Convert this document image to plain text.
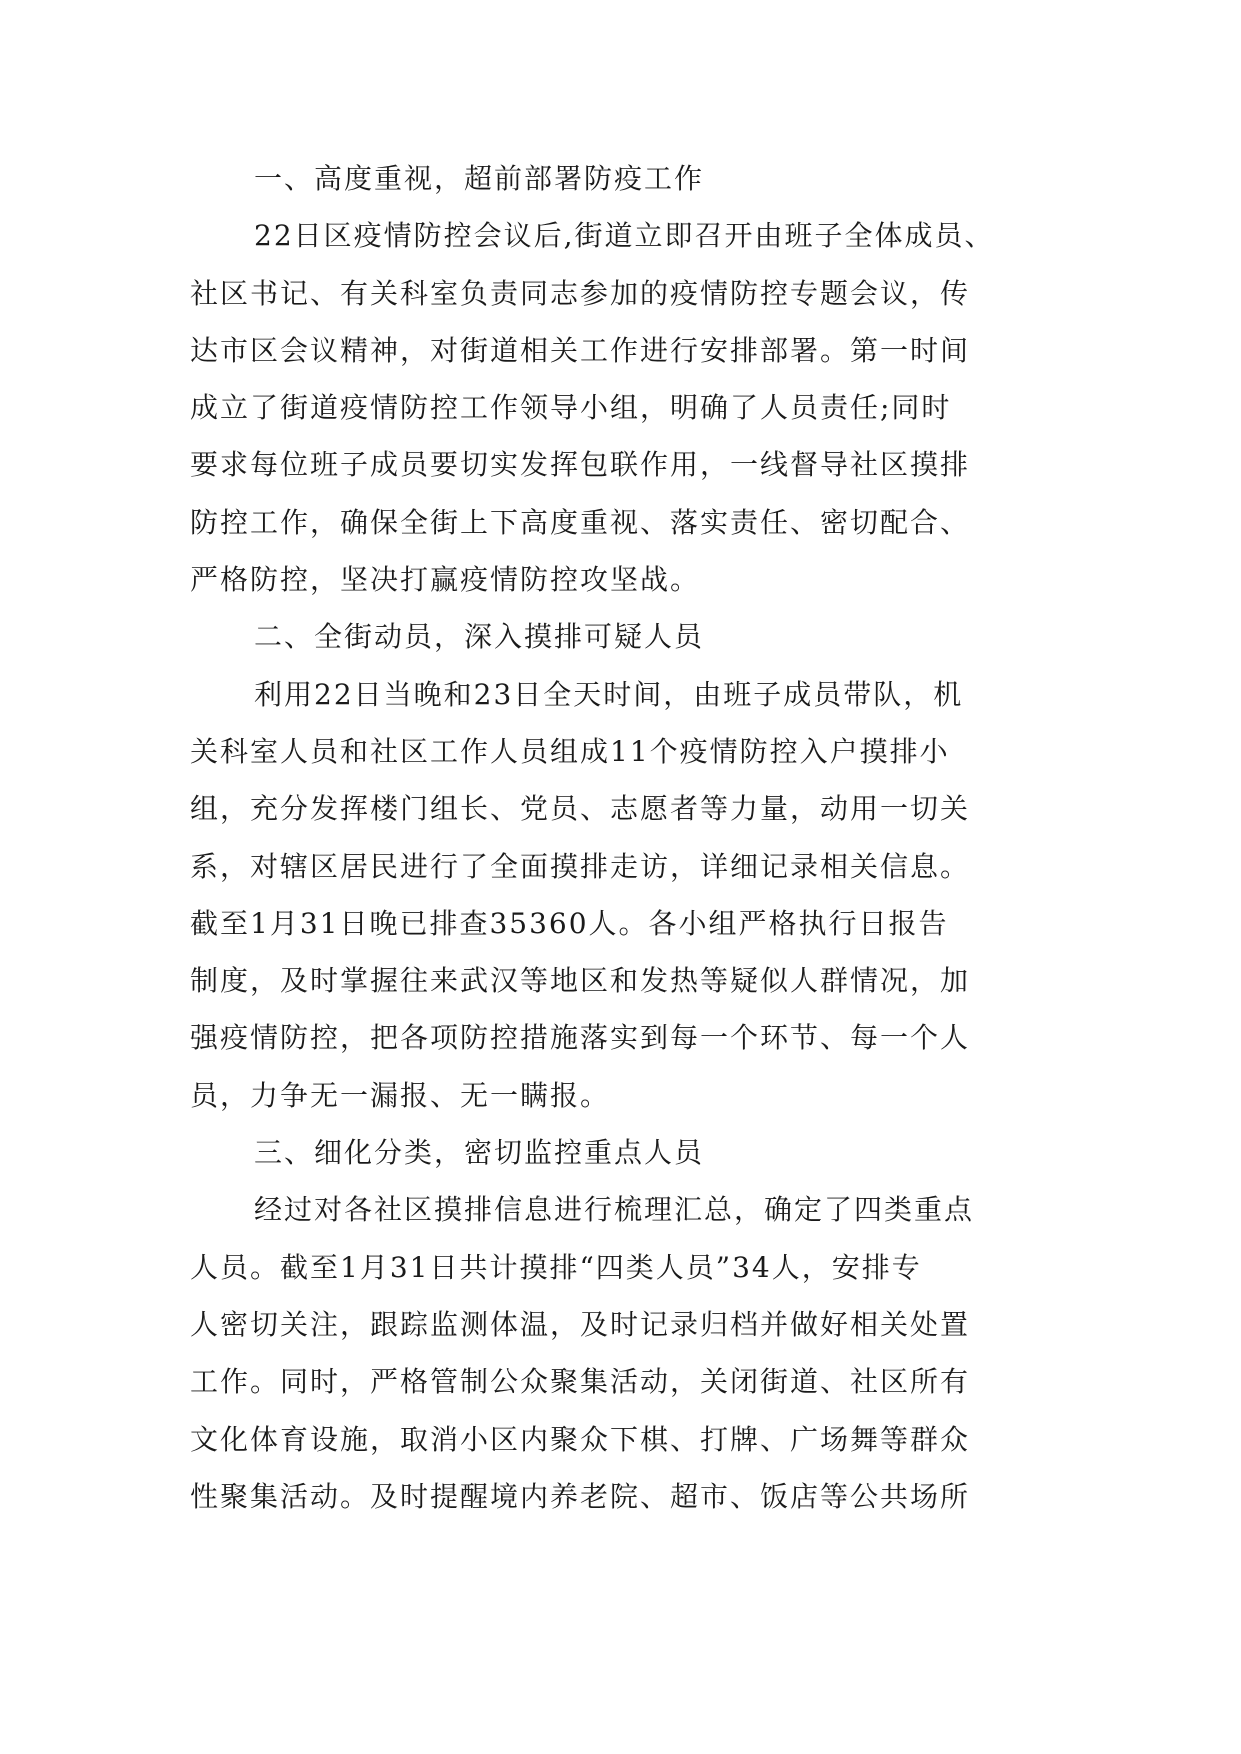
一、高度重视，超前部署防疫工作
22日区疫情防控会议后,街道立即召开由班子全体成员、
社区书记、有关科室负责同志参加的疫情防控专题会议，传
达市区会议精神，对街道相关工作进行安排部署。第一时间
成立了街道疫情防控工作领导小组，明确了人员责任;同时
要求每位班子成员要切实发挥包联作用，一线督导社区摸排
防控工作，确保全街上下高度重视、落实责任、密切配合、
严格防控，坚决打赢疫情防控攻坚战。
二、全街动员，深入摸排可疑人员
利用22日当晚和23日全天时间，由班子成员带队，机
关科室人员和社区工作人员组成11个疫情防控入户摸排小
组，充分发挥楼门组长、党员、志愿者等力量，动用一切关
系，对辖区居民进行了全面摸排走访，详细记录相关信息。
截至1月31日晚已排查35360人。各小组严格执行日报告
制度，及时掌握往来武汉等地区和发热等疑似人群情况，加
强疫情防控，把各项防控措施落实到每一个环节、每一个人
员，力争无一漏报、无一瞒报。
三、细化分类，密切监控重点人员
经过对各社区摸排信息进行梳理汇总，确定了四类重点
人员。截至1月31日共计摸排“四类人员”34人，安排专
人密切关注，跟踪监测体温，及时记录归档并做好相关处置
工作。同时，严格管制公众聚集活动，关闭街道、社区所有
文化体育设施，取消小区内聚众下棋、打牌、广场舞等群众
性聚集活动。及时提醒境内养老院、超市、饭店等公共场所
